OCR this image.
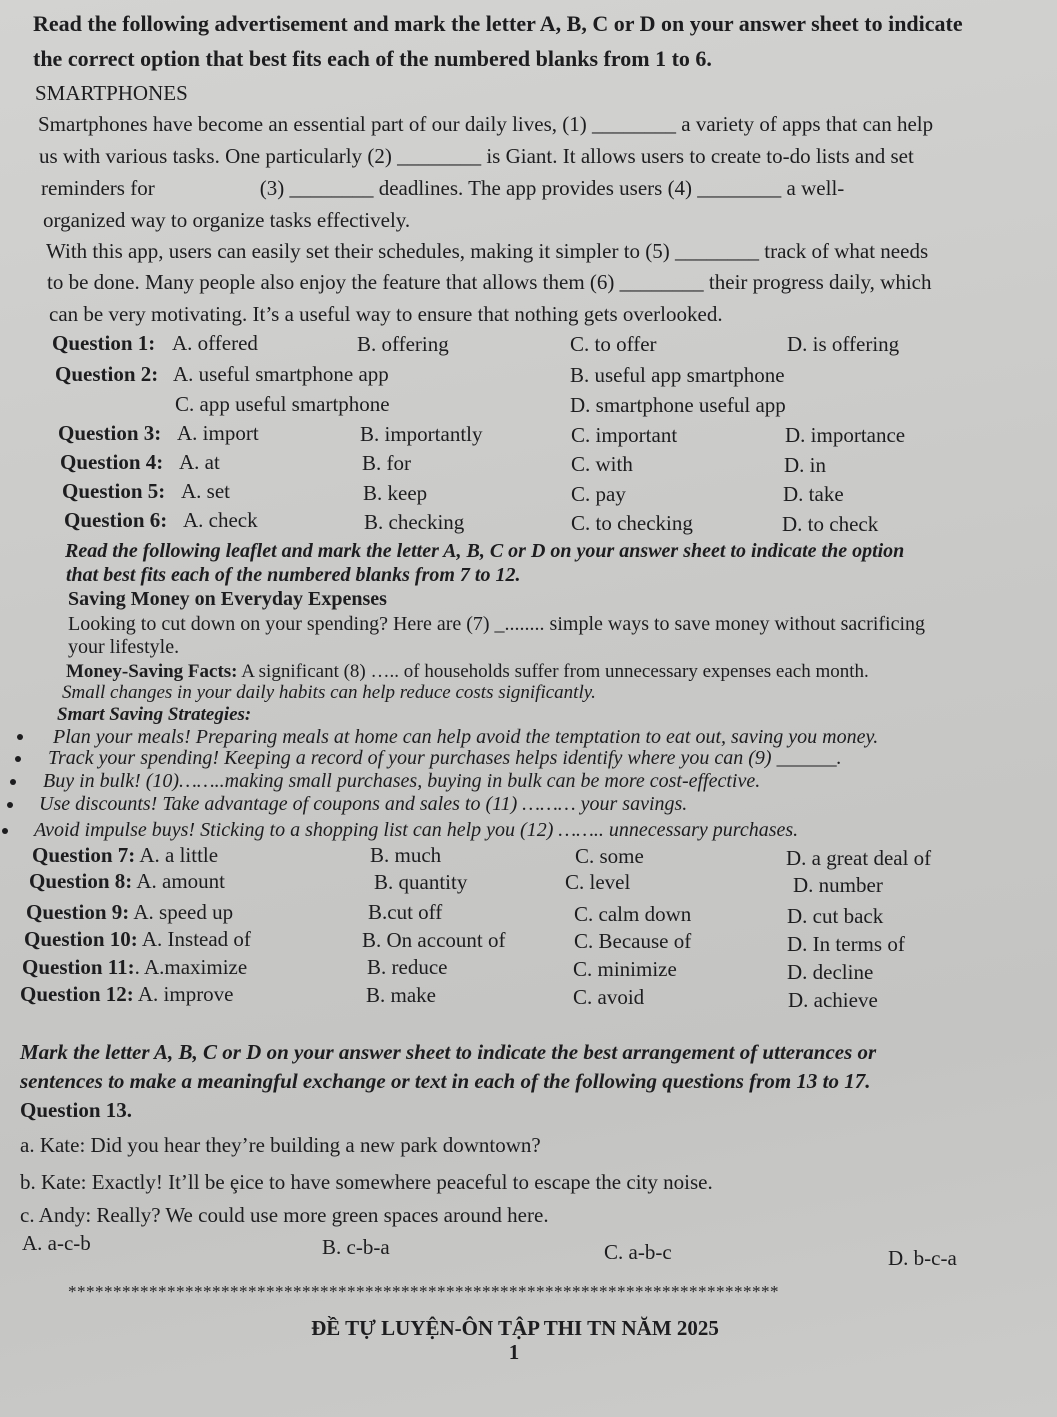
Read the following advertisement and mark the letter A, B, C or D on your answer sheet to indicate
the correct option that best fits each of the numbered blanks from 1 to 6.
SMARTPHONES
Smartphones have become an essential part of our daily lives, (1) ________ a variety of apps that can help
us with various tasks. One particularly (2) ________ is Giant. It allows users to create to-do lists and set
reminders for                    (3) ________ deadlines. The app provides users (4) ________ a well-
organized way to organize tasks effectively.
With this app, users can easily set their schedules, making it simpler to (5) ________ track of what needs
to be done. Many people also enjoy the feature that allows them (6) ________ their progress daily, which
can be very motivating. It’s a useful way to ensure that nothing gets overlooked.
Question 1: A. offered	B. offering	C. to offer	D. is offering
Question 2: A. useful smartphone app	B. useful app smartphone
C. app useful smartphone	D. smartphone useful app
Question 3: A. import	B. importantly	C. important	D. importance
Question 4: A. at	B. for	C. with	D. in
Question 5: A. set	B. keep	C. pay	D. take
Question 6: A. check	B. checking	C. to checking	D. to check
Read the following leaflet and mark the letter A, B, C or D on your answer sheet to indicate the option
that best fits each of the numbered blanks from 7 to 12.
Saving Money on Everyday Expenses
Looking to cut down on your spending? Here are (7) _........ simple ways to save money without sacrificing
your lifestyle.
Money-Saving Facts: A significant (8) ….. of households suffer from unnecessary expenses each month.
Small changes in your daily habits can help reduce costs significantly.
Smart Saving Strategies:
Plan your meals! Preparing meals at home can help avoid the temptation to eat out, saving you money.
Track your spending! Keeping a record of your purchases helps identify where you can (9) ______.
Buy in bulk! (10)……..making small purchases, buying in bulk can be more cost-effective.
Use discounts! Take advantage of coupons and sales to (11) ……… your savings.
Avoid impulse buys! Sticking to a shopping list can help you (12) …….. unnecessary purchases.
Question 7: A. a little	B. much	C. some	D. a great deal of
Question 8: A. amount	B. quantity	C. level	D. number
Question 9: A. speed up	B.cut off	C. calm down	D. cut back
Question 10: A. Instead of	B. On account of	C. Because of	D. In terms of
Question 11:. A.maximize	B. reduce	C. minimize	D. decline
Question 12: A. improve	B. make	C. avoid	D. achieve
Mark the letter A, B, C or D on your answer sheet to indicate the best arrangement of utterances or
sentences to make a meaningful exchange or text in each of the following questions from 13 to 17.
Question 13.
a. Kate: Did you hear they’re building a new park downtown?
b. Kate: Exactly! It’ll be ȩice to have somewhere peaceful to escape the city noise.
c. Andy: Really? We could use more green spaces around here.
A. a-c-b	B. c-b-a	C. a-b-c	D. b-c-a
*******************************************************************************
ĐỀ TỰ LUYỆN-ÔN TẬP THI TN NĂM 2025
1
